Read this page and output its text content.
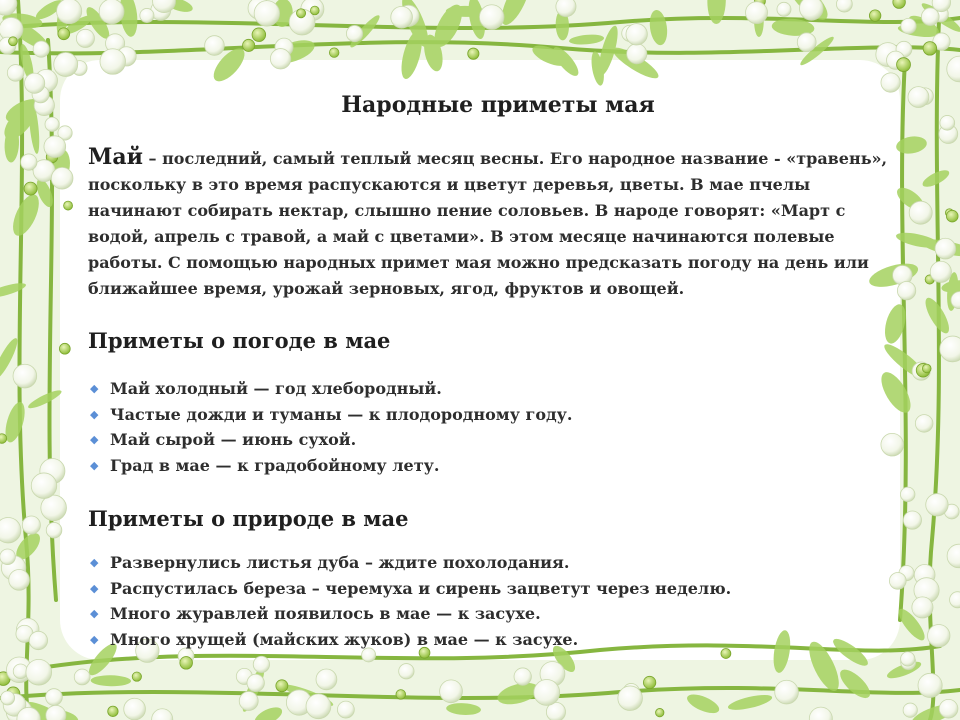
Народные приметы мая

Май – последний, самый теплый месяц весны. Его народное название - «травень», поскольку в это время распускаются и цветут деревья, цветы. В мае пчелы начинают собирать нектар, слышно пение соловьев. В народе говорят: «Март с водой, апрель с травой, а май с цветами». В этом месяце начинаются полевые работы. С помощью народных примет мая можно предсказать погоду на день или ближайшее время, урожай зерновых, ягод, фруктов и овощей.

Приметы о погоде в мае
◆ Май холодный — год хлебородный.
◆ Частые дожди и туманы — к плодородному году.
◆ Май сырой — июнь сухой.
◆ Град в мае — к градобойному лету.
Приметы о природе в мае
◆ Развернулись листья дуба – ждите похолодания.
◆ Распустилась береза – черемуха и сирень зацветут через неделю.
◆ Много журавлей появилось в мае — к засухе.
◆ Много хрущей (майских жуков) в мае — к засухе.
